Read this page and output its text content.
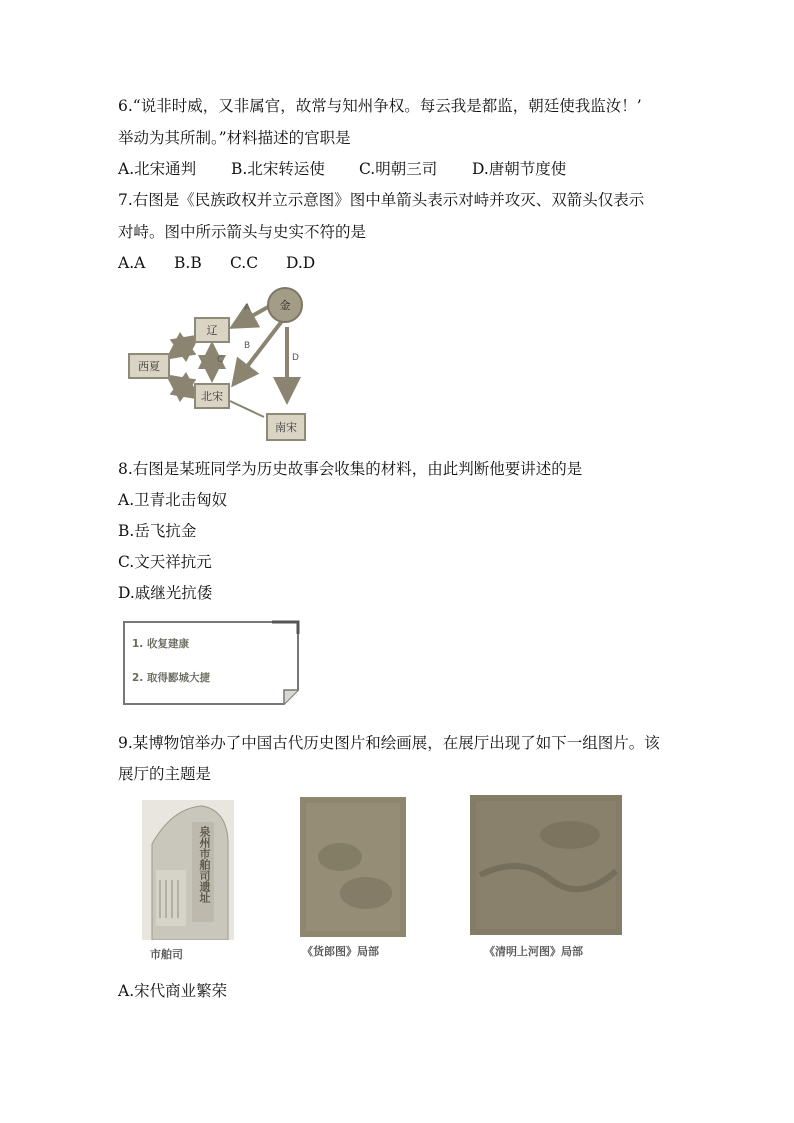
6.“说非时威，又非属官，故常与知州争权。每云我是都监，朝廷使我监汝！’
举动为其所制。”材料描述的官职是
A.北宋通判 B.北宋转运使 C.明朝三司 D.唐朝节度使
7.右图是《民族政权并立示意图》图中单箭头表示对峙并攻灭、双箭头仅表示
对峙。图中所示箭头与史实不符的是
A.A B.B C.C D.D
金
辽
西夏
北宋
南宋
A
B
C	D
8.右图是某班同学为历史故事会收集的材料，由此判断他要讲述的是
A.卫青北击匈奴
B.岳飞抗金
C.文天祥抗元
D.戚继光抗倭
1. 收复建康
2. 取得郾城大捷
9.某博物馆举办了中国古代历史图片和绘画展，在展厅出现了如下一组图片。该
展厅的主题是
泉州市舶司遗址
市舶司	《货郎图》局部	《清明上河图》局部
A.宋代商业繁荣
